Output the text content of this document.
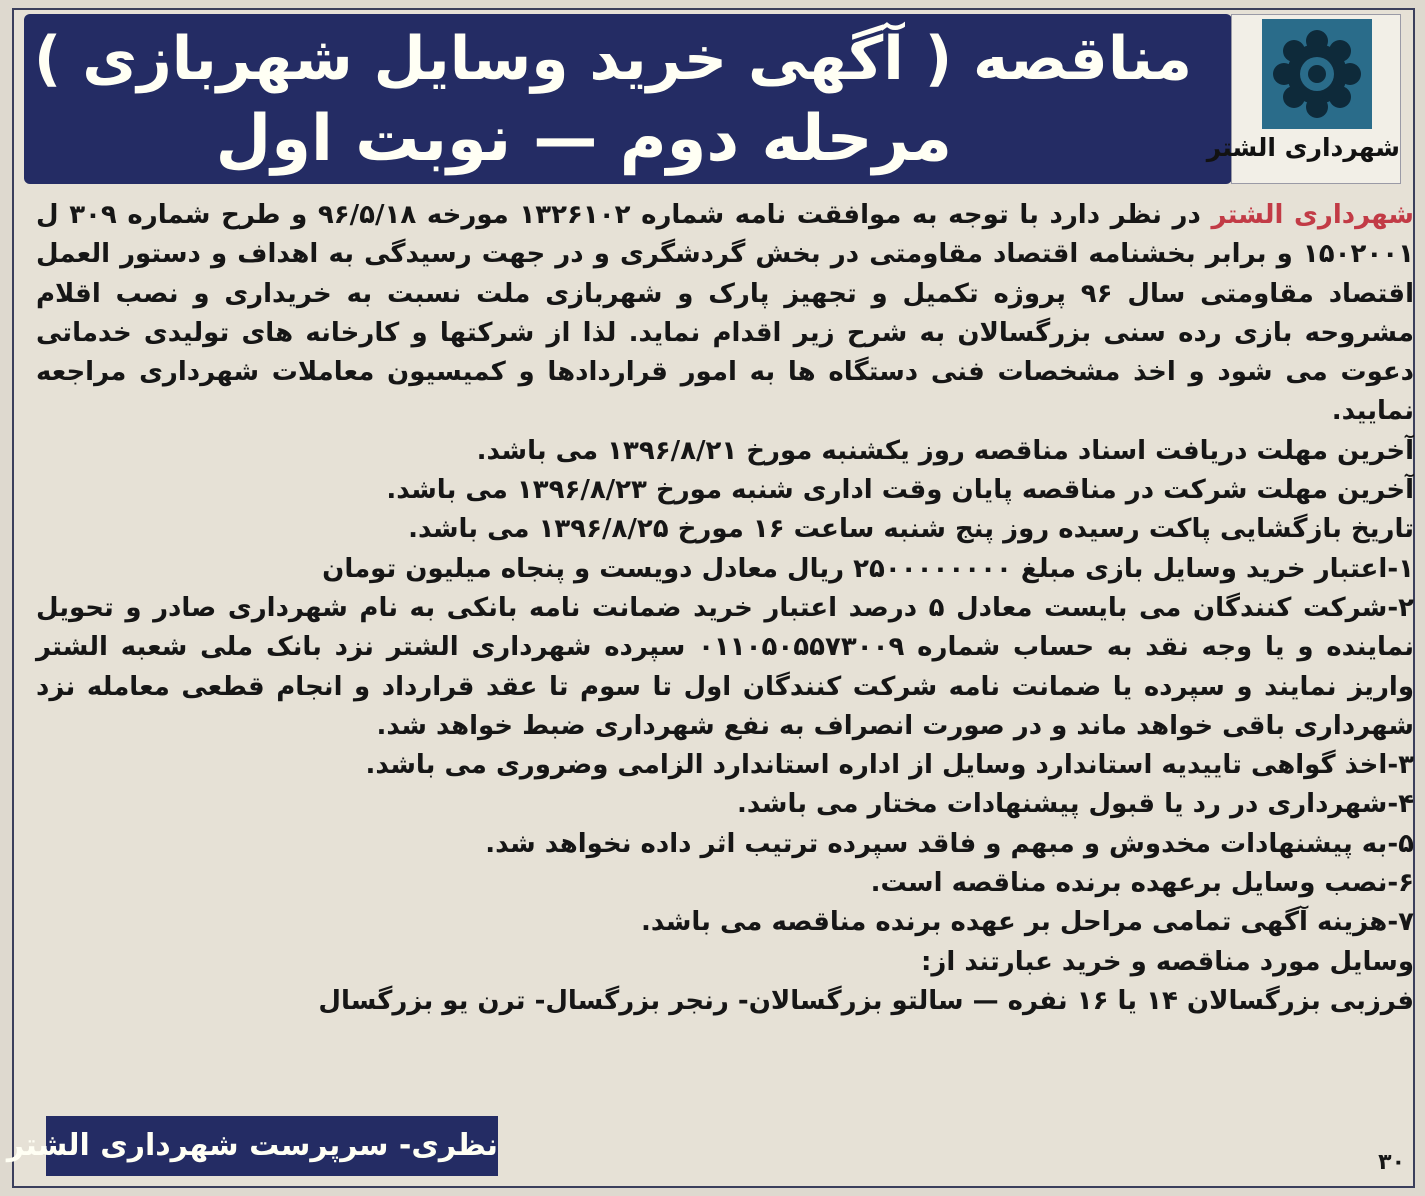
مناقصه ( آگهی خرید وسایل شهربازی )
مرحله دوم — نوبت اول	شهرداری الشتر

شهرداری الشتر در نظر دارد با توجه به موافقت نامه شماره ۱۳۲۶۱۰۲ مورخه ۹۶/۵/۱۸ و طرح شماره ۳۰۹ ل ۱۵۰۲۰۰۱ و برابر بخشنامه اقتصاد مقاومتی در بخش گردشگری و در جهت رسیدگی به اهداف و دستور العمل اقتصاد مقاومتی سال ۹۶ پروژه تکمیل و تجهیز پارک و شهربازی ملت نسبت به خریداری و نصب اقلام مشروحه بازی رده سنی بزرگسالان به شرح زیر اقدام نماید. لذا از شرکتها و کارخانه های تولیدی خدماتی دعوت می شود و اخذ مشخصات فنی دستگاه ها به امور قراردادها و کمیسیون معاملات شهرداری مراجعه نمایید.

آخرین مهلت دریافت اسناد مناقصه روز یکشنبه مورخ ۱۳۹۶/۸/۲۱ می باشد.

آخرین مهلت شرکت در مناقصه پایان وقت اداری شنبه مورخ ۱۳۹۶/۸/۲۳ می باشد.

تاریخ بازگشایی پاکت رسیده روز پنج شنبه ساعت ۱۶ مورخ ۱۳۹۶/۸/۲۵ می باشد.

۱-اعتبار خرید وسایل بازی مبلغ ۲۵۰۰۰۰۰۰۰۰ ریال معادل دویست و پنجاه میلیون تومان

۲-شرکت کنندگان می بایست معادل ۵ درصد اعتبار خرید ضمانت نامه بانکی به نام شهرداری صادر و تحویل نماینده و یا وجه نقد به حساب شماره ۰۱۱۰۵۰۵۵۷۳۰۰۹ سپرده شهرداری الشتر نزد بانک ملی شعبه الشتر واریز نمایند و سپرده یا ضمانت نامه شرکت کنندگان اول تا سوم تا عقد قرارداد و انجام قطعی معامله نزد شهرداری باقی خواهد ماند و در صورت انصراف به نفع شهرداری ضبط خواهد شد.

۳-اخذ گواهی تاییدیه استاندارد وسایل از اداره استاندارد الزامی وضروری می باشد.

۴-شهرداری در رد یا قبول پیشنهادات مختار می باشد.

۵-به پیشنهادات مخدوش و مبهم و فاقد سپرده ترتیب اثر داده نخواهد شد.

۶-نصب وسایل برعهده برنده مناقصه است.

۷-هزینه آگهی تمامی مراحل بر عهده برنده مناقصه می باشد.

وسایل مورد مناقصه و خرید عبارتند از:

فرزبی بزرگسالان ۱۴ یا ۱۶ نفره — سالتو بزرگسالان- رنجر بزرگسال- ترن یو بزرگسال

نظری- سرپرست شهرداری الشتر	۳۰
